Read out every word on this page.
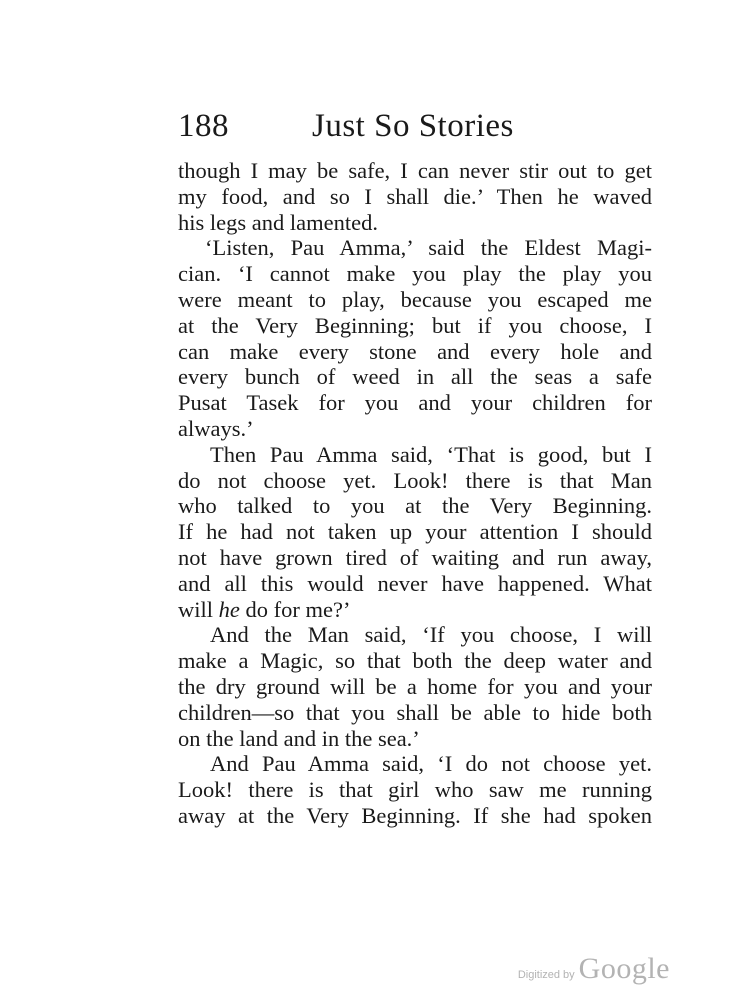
188	Just So Stories
though I may be safe, I can never stir out to get
my food, and so I shall die.’ Then he waved
his legs and lamented.
‘Listen, Pau Amma,’ said the Eldest Magi-
cian. ‘I cannot make you play the play you
were meant to play, because you escaped me
at the Very Beginning; but if you choose, I
can make every stone and every hole and
every bunch of weed in all the seas a safe
Pusat Tasek for you and your children for
always.’
Then Pau Amma said, ‘That is good, but I
do not choose yet. Look! there is that Man
who talked to you at the Very Beginning.
If he had not taken up your attention I should
not have grown tired of waiting and run away,
and all this would never have happened. What
will he do for me?’
And the Man said, ‘If you choose, I will
make a Magic, so that both the deep water and
the dry ground will be a home for you and your
children—so that you shall be able to hide both
on the land and in the sea.’
And Pau Amma said, ‘I do not choose yet.
Look! there is that girl who saw me running
away at the Very Beginning. If she had spoken
Digitized by Google
